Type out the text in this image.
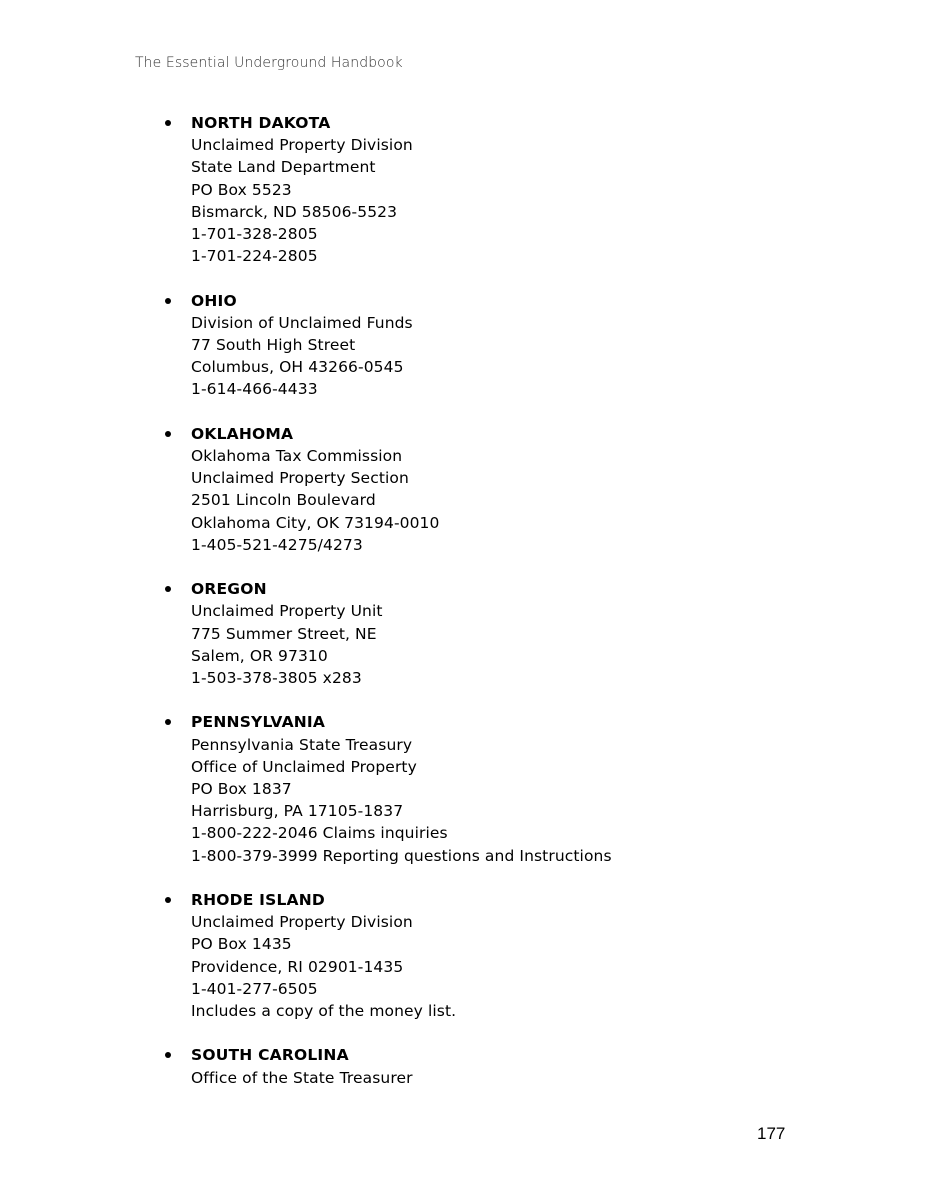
The Essential Underground Handbook
NORTH DAKOTA
Unclaimed Property Division
State Land Department
PO Box 5523
Bismarck, ND 58506-5523
1-701-328-2805
1-701-224-2805
OHIO
Division of Unclaimed Funds
77 South High Street
Columbus, OH 43266-0545
1-614-466-4433
OKLAHOMA
Oklahoma Tax Commission
Unclaimed Property Section
2501 Lincoln Boulevard
Oklahoma City, OK 73194-0010
1-405-521-4275/4273
OREGON
Unclaimed Property Unit
775 Summer Street, NE
Salem, OR 97310
1-503-378-3805 x283
PENNSYLVANIA
Pennsylvania State Treasury
Office of Unclaimed Property
PO Box 1837
Harrisburg, PA 17105-1837
1-800-222-2046 Claims inquiries
1-800-379-3999 Reporting questions and Instructions
RHODE ISLAND
Unclaimed Property Division
PO Box 1435
Providence, RI 02901-1435
1-401-277-6505
Includes a copy of the money list.
SOUTH CAROLINA
Office of the State Treasurer
177
